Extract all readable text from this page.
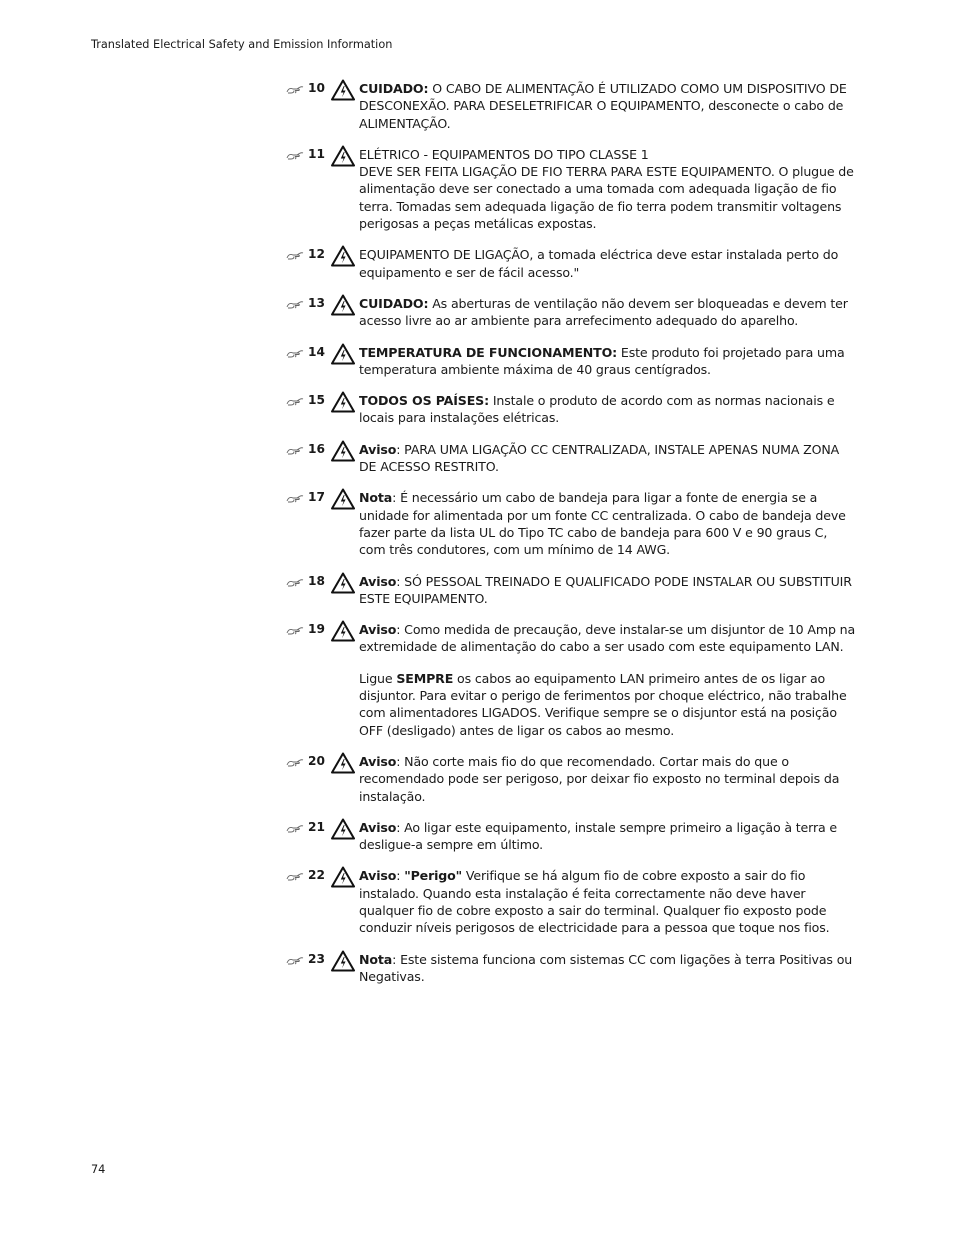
Translated Electrical Safety and Emission Information
10	CUIDADO: O CABO DE ALIMENTAÇÃO É UTILIZADO COMO UM DISPOSITIVO DE DESCONEXÃO. PARA DESELETRIFICAR O EQUIPAMENTO, desconecte o cabo de ALIMENTAÇÃO.
11	ELÉTRICO - EQUIPAMENTOS DO TIPO CLASSE 1
DEVE SER FEITA LIGAÇÃO DE FIO TERRA PARA ESTE EQUIPAMENTO. O plugue de alimentação deve ser conectado a uma tomada com adequada ligação de fio terra. Tomadas sem adequada ligação de fio terra podem transmitir voltagens perigosas a peças metálicas expostas.
12	EQUIPAMENTO DE LIGAÇÃO, a tomada eléctrica deve estar instalada perto do equipamento e ser de fácil acesso."
13	CUIDADO: As aberturas de ventilação não devem ser bloqueadas e devem ter acesso livre ao ar ambiente para arrefecimento adequado do aparelho.
14	TEMPERATURA DE FUNCIONAMENTO: Este produto foi projetado para uma temperatura ambiente máxima de 40 graus centígrados.
15	TODOS OS PAÍSES: Instale o produto de acordo com as normas nacionais e locais para instalações elétricas.
16	Aviso: PARA UMA LIGAÇÃO CC CENTRALIZADA, INSTALE APENAS NUMA ZONA DE ACESSO RESTRITO.
17	Nota: É necessário um cabo de bandeja para ligar a fonte de energia se a unidade for alimentada por um fonte CC centralizada. O cabo de bandeja deve fazer parte da lista UL do Tipo TC cabo de bandeja para 600 V e 90 graus C, com três condutores, com um mínimo de 14 AWG.
18	Aviso: SÓ PESSOAL TREINADO E QUALIFICADO PODE INSTALAR OU SUBSTITUIR ESTE EQUIPAMENTO.
19	Aviso: Como medida de precaução, deve instalar-se um disjuntor de 10 Amp na extremidade de alimentação do cabo a ser usado com este equipamento LAN.
Ligue SEMPRE os cabos ao equipamento LAN primeiro antes de os ligar ao disjuntor. Para evitar o perigo de ferimentos por choque eléctrico, não trabalhe com alimentadores LIGADOS. Verifique sempre se o disjuntor está na posição OFF (desligado) antes de ligar os cabos ao mesmo.
20	Aviso: Não corte mais fio do que recomendado. Cortar mais do que o recomendado pode ser perigoso, por deixar fio exposto no terminal depois da instalação.
21	Aviso: Ao ligar este equipamento, instale sempre primeiro a ligação à terra e desligue-a sempre em último.
22	Aviso: "Perigo" Verifique se há algum fio de cobre exposto a sair do fio instalado. Quando esta instalação é feita correctamente não deve haver qualquer fio de cobre exposto a sair do terminal. Qualquer fio exposto pode conduzir níveis perigosos de electricidade para a pessoa que toque nos fios.
23	Nota: Este sistema funciona com sistemas CC com ligações à terra Positivas ou Negativas.
74
